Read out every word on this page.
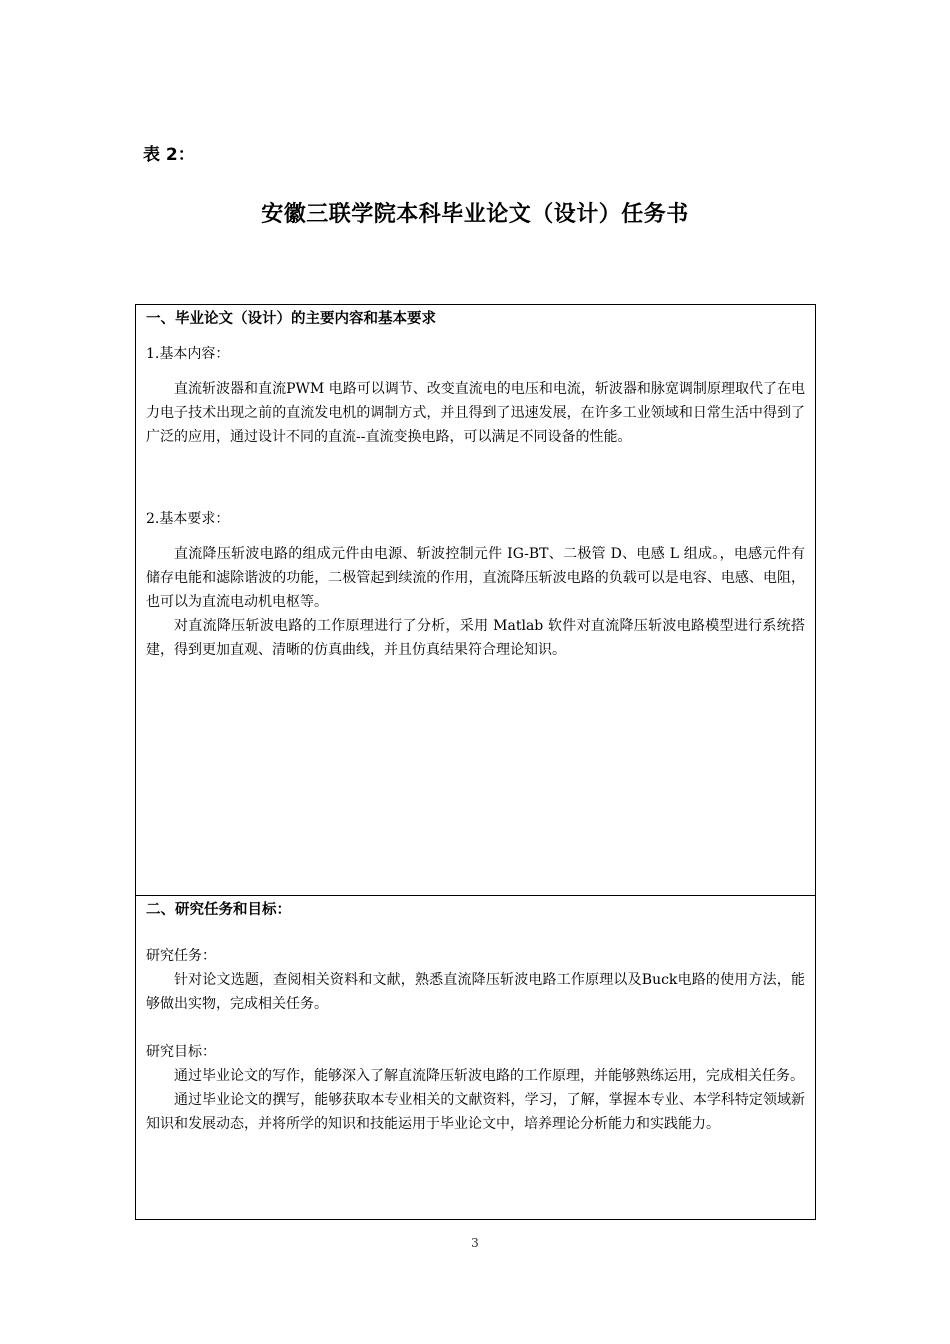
表 2：
安徽三联学院本科毕业论文（设计）任务书
一、毕业论文（设计）的主要内容和基本要求
1.基本内容：

直流斩波器和直流PWM 电路可以调节、改变直流电的电压和电流，斩波器和脉宽调制原理取代了在电力电子技术出现之前的直流发电机的调制方式，并且得到了迅速发展，在许多工业领域和日常生活中得到了广泛的应用，通过设计不同的直流--直流变换电路，可以满足不同设备的性能。

2.基本要求：

直流降压斩波电路的组成元件由电源、斩波控制元件 IG-BT、二极管 D、电感 L 组成。，电感元件有储存电能和滤除谐波的功能，二极管起到续流的作用，直流降压斩波电路的负载可以是电容、电感、电阻，也可以为直流电动机电枢等。

对直流降压斩波电路的工作原理进行了分析，采用 Matlab 软件对直流降压斩波电路模型进行系统搭建，得到更加直观、清晰的仿真曲线，并且仿真结果符合理论知识。

二、研究任务和目标：
研究任务：

针对论文选题，查阅相关资料和文献，熟悉直流降压斩波电路工作原理以及Buck电路的使用方法，能够做出实物，完成相关任务。

研究目标：

通过毕业论文的写作，能够深入了解直流降压斩波电路的工作原理，并能够熟练运用，完成相关任务。

通过毕业论文的撰写，能够获取本专业相关的文献资料，学习，了解，掌握本专业、本学科特定领域新知识和发展动态，并将所学的知识和技能运用于毕业论文中，培养理论分析能力和实践能力。

3
